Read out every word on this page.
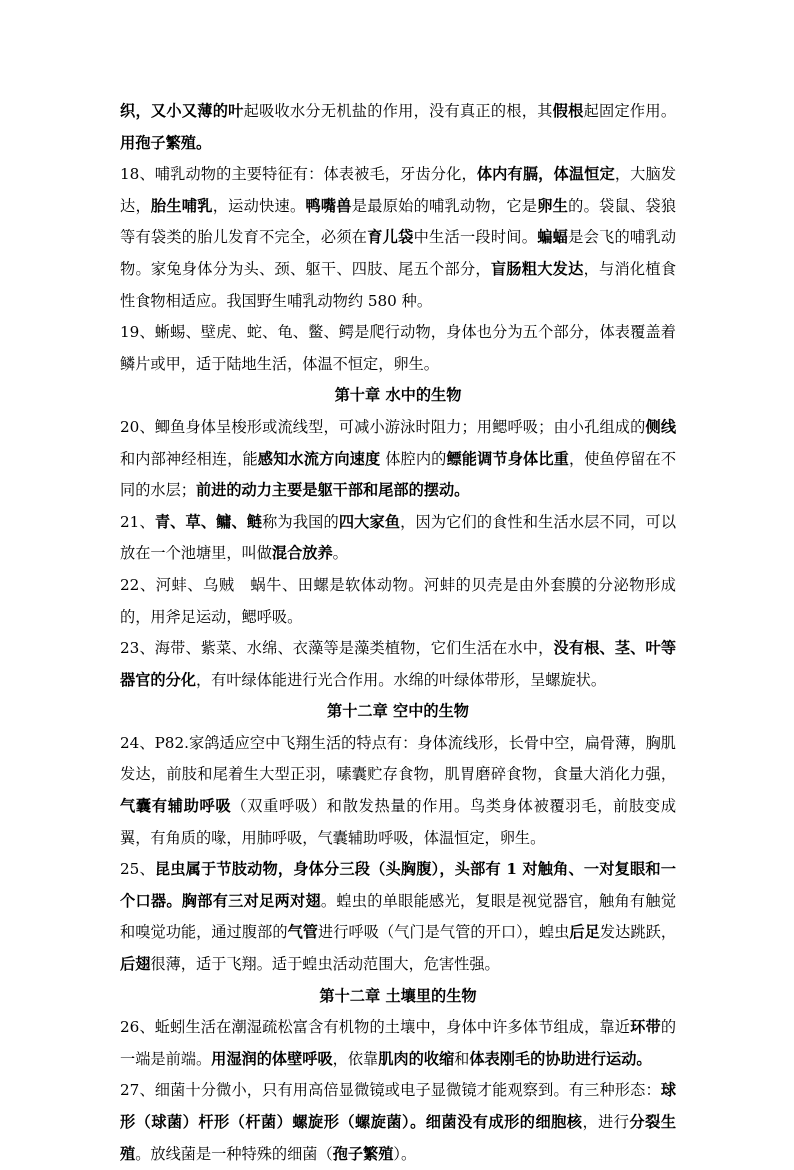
织，又小又薄的叶起吸收水分无机盐的作用，没有真正的根，其假根起固定作用。用孢子繁殖。

18、哺乳动物的主要特征有：体表被毛，牙齿分化，体内有膈，体温恒定，大脑发达，胎生哺乳，运动快速。鸭嘴兽是最原始的哺乳动物，它是卵生的。袋鼠、袋狼等有袋类的胎儿发育不完全，必须在育儿袋中生活一段时间。蝙蝠是会飞的哺乳动物。家兔身体分为头、颈、躯干、四肢、尾五个部分，盲肠粗大发达，与消化植食性食物相适应。我国野生哺乳动物约 580 种。

19、蜥蜴、壁虎、蛇、龟、鳖、鳄是爬行动物，身体也分为五个部分，体表覆盖着鳞片或甲，适于陆地生活，体温不恒定，卵生。

第十章 水中的生物

20、鲫鱼身体呈梭形或流线型，可减小游泳时阻力；用鳃呼吸；由小孔组成的侧线和内部神经相连，能感知水流方向速度 体腔内的鳔能调节身体比重，使鱼停留在不同的水层；前进的动力主要是躯干部和尾部的摆动。

21、青、草、鳙、鲢称为我国的四大家鱼，因为它们的食性和生活水层不同，可以放在一个池塘里，叫做混合放养。

22、河蚌、乌贼　蜗牛、田螺是软体动物。河蚌的贝壳是由外套膜的分泌物形成的，用斧足运动，鳃呼吸。

23、海带、紫菜、水绵、衣藻等是藻类植物，它们生活在水中，没有根、茎、叶等器官的分化，有叶绿体能进行光合作用。水绵的叶绿体带形，呈螺旋状。

第十二章 空中的生物

24、P82.家鸽适应空中飞翔生活的特点有：身体流线形，长骨中空，扁骨薄，胸肌发达，前肢和尾着生大型正羽，嗉囊贮存食物，肌胃磨碎食物，食量大消化力强，气囊有辅助呼吸（双重呼吸）和散发热量的作用。鸟类身体被覆羽毛，前肢变成翼，有角质的喙，用肺呼吸，气囊辅助呼吸，体温恒定，卵生。

25、昆虫属于节肢动物，身体分三段（头胸腹），头部有 1 对触角、一对复眼和一个口器。胸部有三对足两对翅。蝗虫的单眼能感光，复眼是视觉器官，触角有触觉和嗅觉功能，通过腹部的气管进行呼吸（气门是气管的开口），蝗虫后足发达跳跃，后翅很薄，适于飞翔。适于蝗虫活动范围大，危害性强。

第十二章 土壤里的生物

26、蚯蚓生活在潮湿疏松富含有机物的土壤中，身体中许多体节组成，靠近环带的一端是前端。用湿润的体壁呼吸，依靠肌肉的收缩和体表刚毛的协助进行运动。

27、细菌十分微小，只有用高倍显微镜或电子显微镜才能观察到。有三种形态：球形（球菌）杆形（杆菌）螺旋形（螺旋菌）。细菌没有成形的细胞核，进行分裂生殖。放线菌是一种特殊的细菌（孢子繁殖）。
